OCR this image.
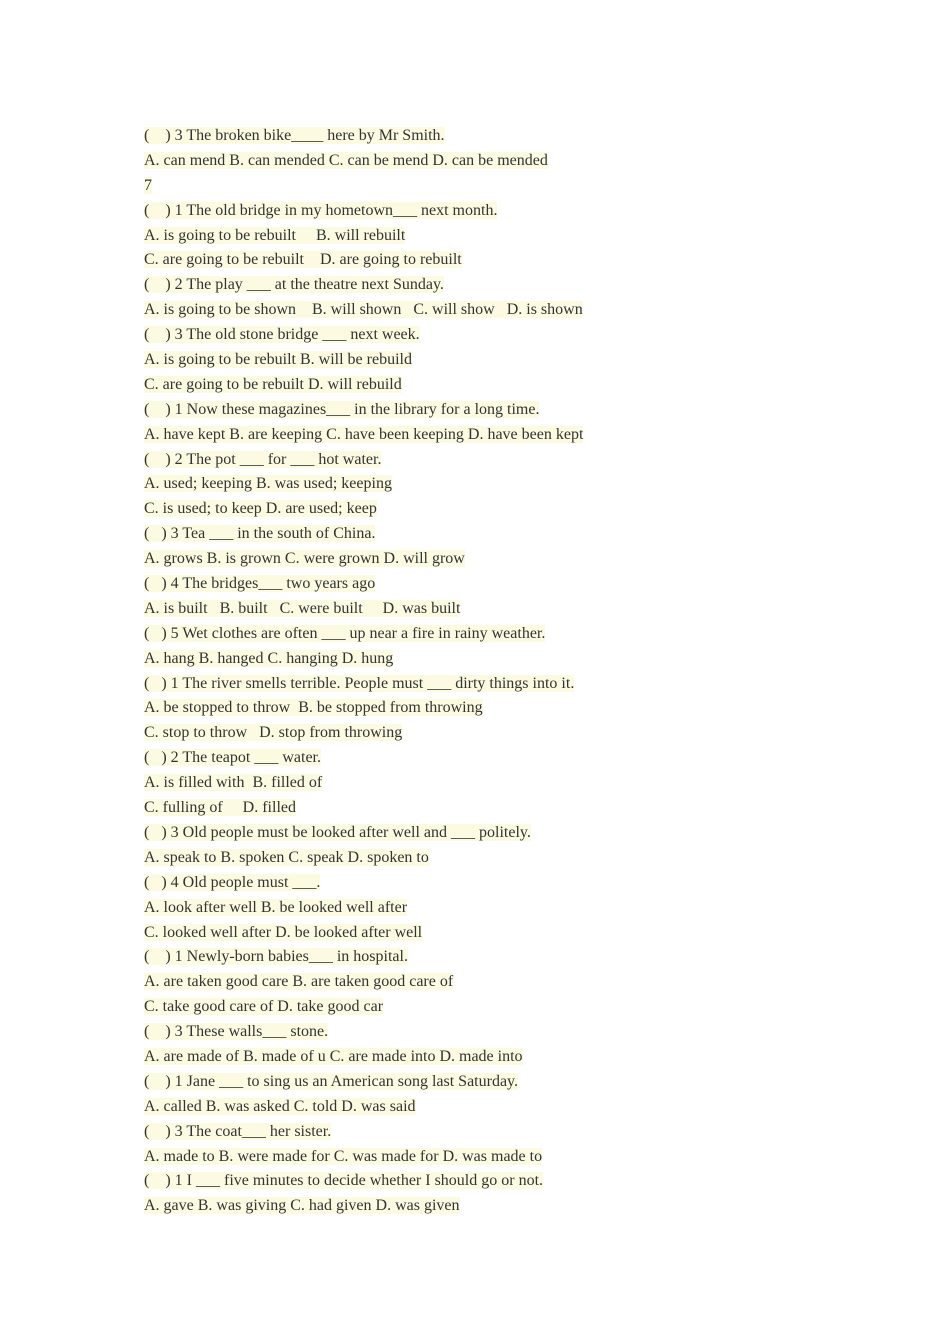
(    ) 3 The broken bike____ here by Mr Smith.
A. can mend B. can mended C. can be mend D. can be mended
7
(    ) 1 The old bridge in my hometown___ next month.
A. is going to be rebuilt     B. will rebuilt
C. are going to be rebuilt    D. are going to rebuilt
(    ) 2 The play ___ at the theatre next Sunday.
A. is going to be shown    B. will shown   C. will show   D. is shown
(    ) 3 The old stone bridge ___ next week.
A. is going to be rebuilt B. will be rebuild
C. are going to be rebuilt D. will rebuild
(    ) 1 Now these magazines___ in the library for a long time.
A. have kept B. are keeping C. have been keeping D. have been kept
(    ) 2 The pot ___ for ___ hot water.
A. used; keeping B. was used; keeping
C. is used; to keep D. are used; keep
(   ) 3 Tea ___ in the south of China.
A. grows B. is grown C. were grown D. will grow
(   ) 4 The bridges___ two years ago
A. is built   B. built   C. were built     D. was built
(   ) 5 Wet clothes are often ___ up near a fire in rainy weather.
A. hang B. hanged C. hanging D. hung
(   ) 1 The river smells terrible. People must ___ dirty things into it.
A. be stopped to throw  B. be stopped from throwing
C. stop to throw   D. stop from throwing
(   ) 2 The teapot ___ water.
A. is filled with  B. filled of
C. fulling of     D. filled
(   ) 3 Old people must be looked after well and ___ politely.
A. speak to B. spoken C. speak D. spoken to
(   ) 4 Old people must ___.
A. look after well B. be looked well after
C. looked well after D. be looked after well
(    ) 1 Newly-born babies___ in hospital.
A. are taken good care B. are taken good care of
C. take good care of D. take good car
(    ) 3 These walls___ stone.
A. are made of B. made of u C. are made into D. made into
(    ) 1 Jane ___ to sing us an American song last Saturday.
A. called B. was asked C. told D. was said
(    ) 3 The coat___ her sister.
A. made to B. were made for C. was made for D. was made to
(    ) 1 I ___ five minutes to decide whether I should go or not.
A. gave B. was giving C. had given D. was given
